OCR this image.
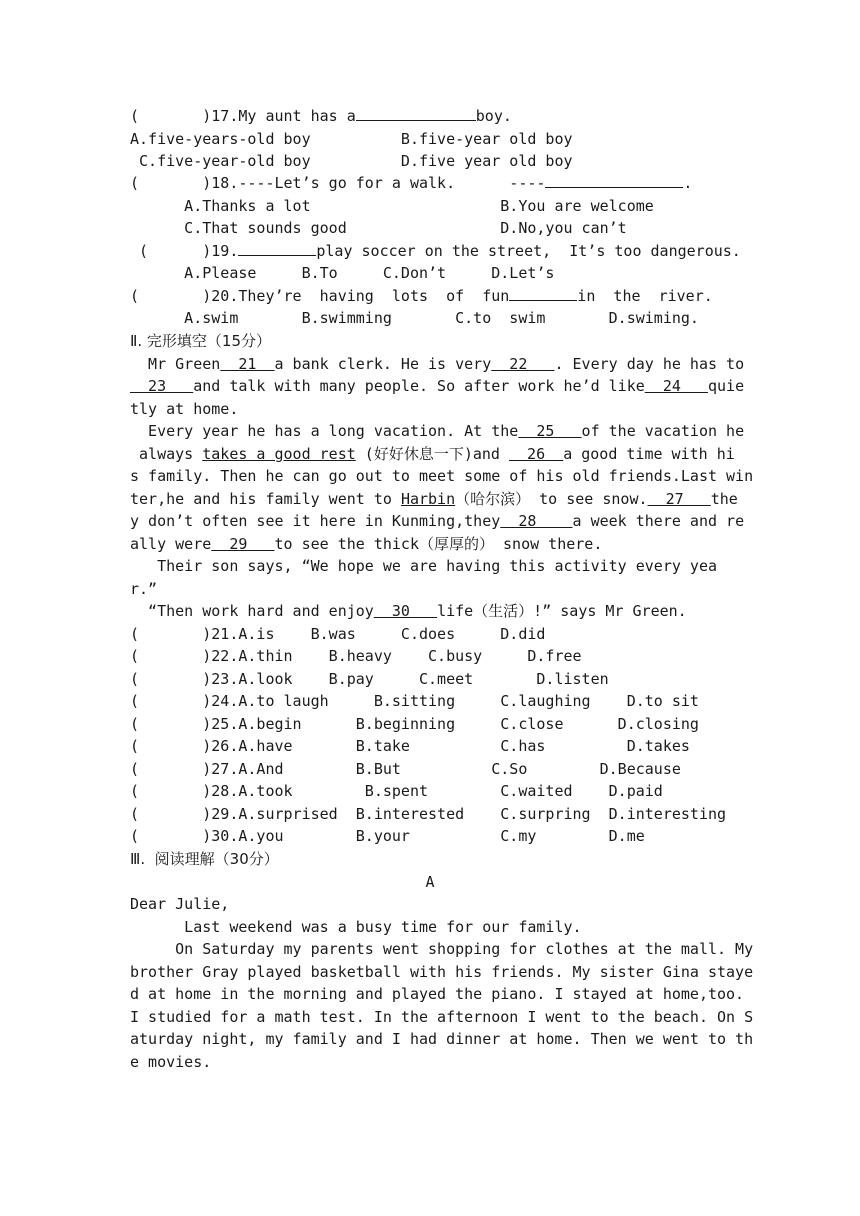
(       )17.My aunt has a	boy.
A.five-years-old boy          B.five-year old boy
C.five-year-old boy          D.five year old boy
(       )18.----Let’s go for a walk.      ----	.
A.Thanks a lot                     B.You are welcome
C.That sounds good                 D.No,you can’t
(      )19.	play soccer on the street,  It’s too dangerous.
A.Please     B.To     C.Don’t     D.Let’s
(       )20.They’re  having  lots  of  fun	in  the  river.
A.swim       B.swimming       C.to  swim       D.swiming.
Ⅱ. 完形填空（15分）
Mr Green  21  a bank clerk. He is very  22   . Every day he has to
23   and talk with many people. So after work he’d like  24   quie
tly at home.
Every year he has a long vacation. At the  25   of the vacation he
always takes a good rest (好好休息一下)and   26  a good time with hi
s family. Then he can go out to meet some of his old friends.Last win
ter,he and his family went to Harbin（哈尔滨） to see snow.  27   the
y don’t often see it here in Kunming,they  28    a week there and re
ally were  29   to see the thick（厚厚的） snow there.
Their son says, “We hope we are having this activity every yea
r.”
“Then work hard and enjoy  30   life（生活）!” says Mr Green.
(       )21.A.is    B.was     C.does     D.did
(       )22.A.thin    B.heavy    C.busy     D.free
(       )23.A.look    B.pay     C.meet       D.listen
(       )24.A.to laugh     B.sitting     C.laughing    D.to sit
(       )25.A.begin      B.beginning     C.close      D.closing
(       )26.A.have       B.take          C.has         D.takes
(       )27.A.And        B.But          C.So        D.Because
(       )28.A.took        B.spent        C.waited    D.paid
(       )29.A.surprised  B.interested    C.surpring  D.interesting
(       )30.A.you        B.your          C.my        D.me
Ⅲ.  阅读理解（30分）
A
Dear Julie,
Last weekend was a busy time for our family.
On Saturday my parents went shopping for clothes at the mall. My
brother Gray played basketball with his friends. My sister Gina staye
d at home in the morning and played the piano. I stayed at home,too.
I studied for a math test. In the afternoon I went to the beach. On S
aturday night, my family and I had dinner at home. Then we went to th
e movies.
